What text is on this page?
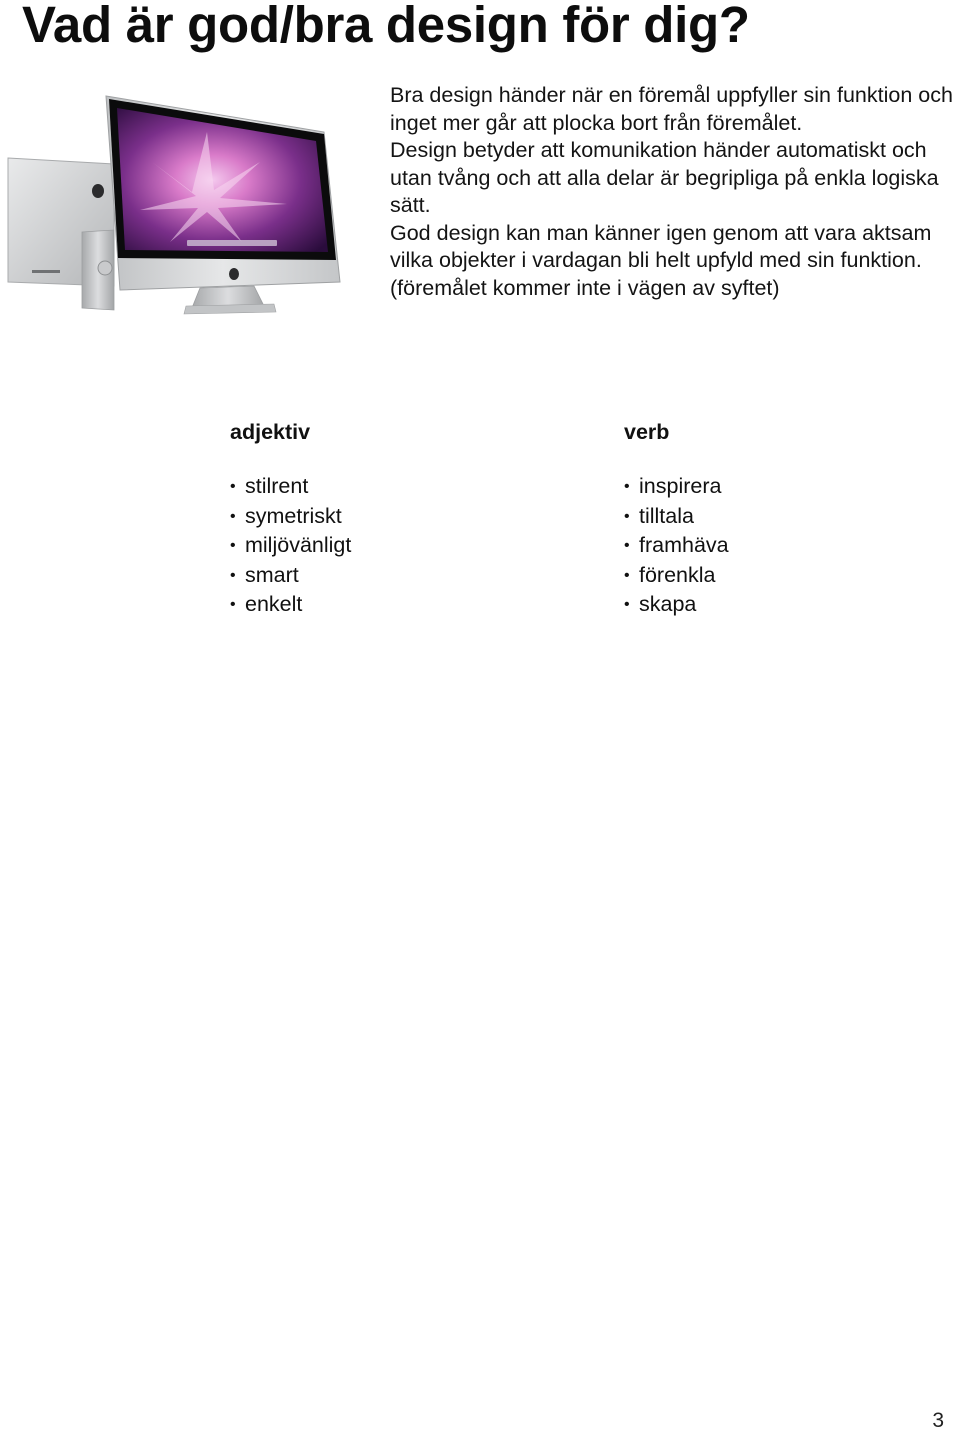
Vad är god/bra design för dig?

Bra design händer när en föremål uppfyller sin funktion och inget mer går att plocka bort från föremålet.

Design betyder att komunikation händer automatiskt och utan tvång och att alla delar är begripliga på enkla logiska sätt.

God design kan man känner igen genom att vara aktsam vilka objekter i vardagan bli helt upfyld med sin funktion.(föremålet kommer inte i vägen av syftet)

adjektiv
• stilrent
• symetriskt
• miljövänligt
• smart
• enkelt
verb
• inspirera
• tilltala
• framhäva
• förenkla
• skapa
3
